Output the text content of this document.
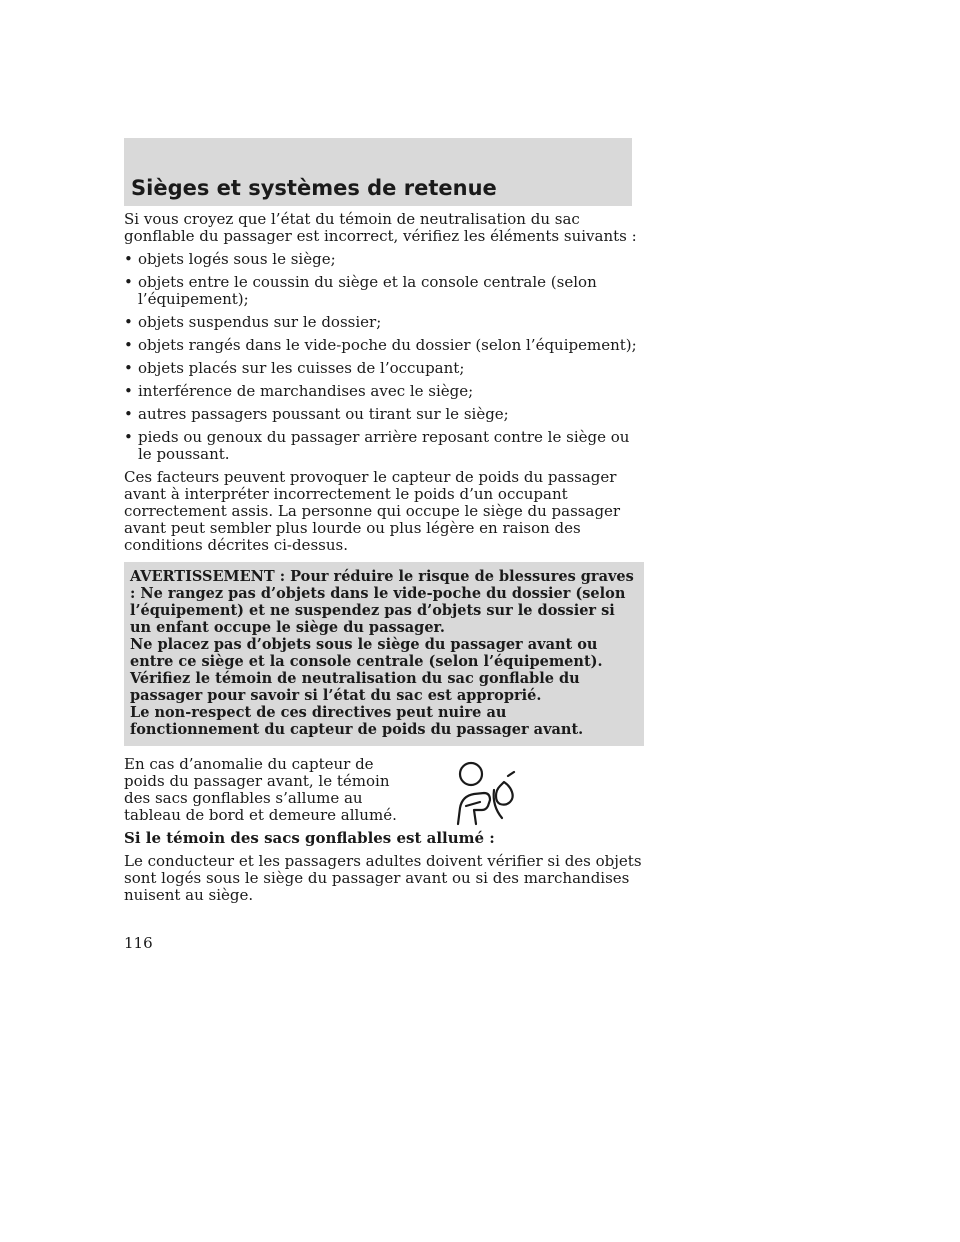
Sièges et systèmes de retenue

Si vous croyez que l’état du témoin de neutralisation du sac gonflable du passager est incorrect, vérifiez les éléments suivants :

• objets logés sous le siège;
• objets entre le coussin du siège et la console centrale (selon l’équipement);
• objets suspendus sur le dossier;
• objets rangés dans le vide-poche du dossier (selon l’équipement);
• objets placés sur les cuisses de l’occupant;
• interférence de marchandises avec le siège;
• autres passagers poussant ou tirant sur le siège;
• pieds ou genoux du passager arrière reposant contre le siège ou le poussant.

Ces facteurs peuvent provoquer le capteur de poids du passager avant à interpréter incorrectement le poids d’un occupant correctement assis. La personne qui occupe le siège du passager avant peut sembler plus lourde ou plus légère en raison des conditions décrites ci-dessus.

AVERTISSEMENT : Pour réduire le risque de blessures graves : Ne rangez pas d’objets dans le vide-poche du dossier (selon l’équipement) et ne suspendez pas d’objets sur le dossier si un enfant occupe le siège du passager.
Ne placez pas d’objets sous le siège du passager avant ou entre ce siège et la console centrale (selon l’équipement).
Vérifiez le témoin de neutralisation du sac gonflable du passager pour savoir si l’état du sac est approprié.
Le non-respect de ces directives peut nuire au fonctionnement du capteur de poids du passager avant.

En cas d’anomalie du capteur de poids du passager avant, le témoin des sacs gonflables s’allume au tableau de bord et demeure allumé.

Si le témoin des sacs gonflables est allumé :

Le conducteur et les passagers adultes doivent vérifier si des objets sont logés sous le siège du passager avant ou si des marchandises nuisent au siège.

116
